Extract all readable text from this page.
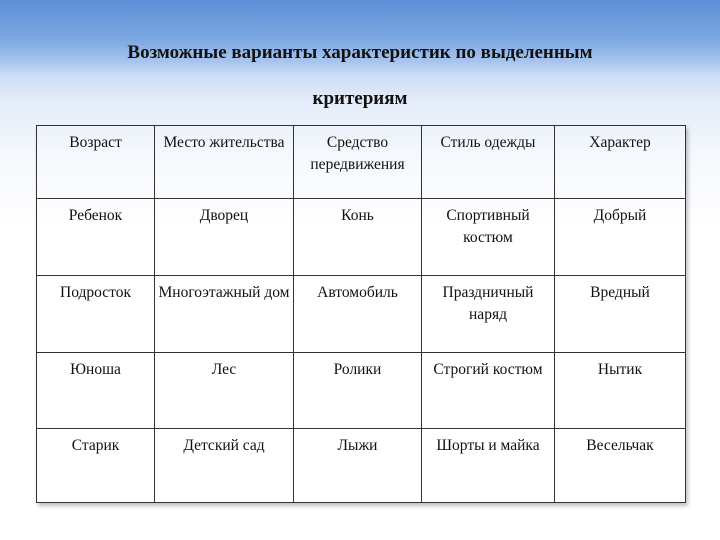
Возможные варианты характеристик по выделенным
критериям
Возраст	Место жительства	Средство передвижения	Стиль одежды	Характер
Ребенок	Дворец	Конь	Спортивный костюм	Добрый
Подросток	Многоэтажный дом	Автомобиль	Праздничный наряд	Вредный
Юноша	Лес	Ролики	Строгий костюм	Нытик
Старик	Детский сад	Лыжи	Шорты и майка	Весельчак
